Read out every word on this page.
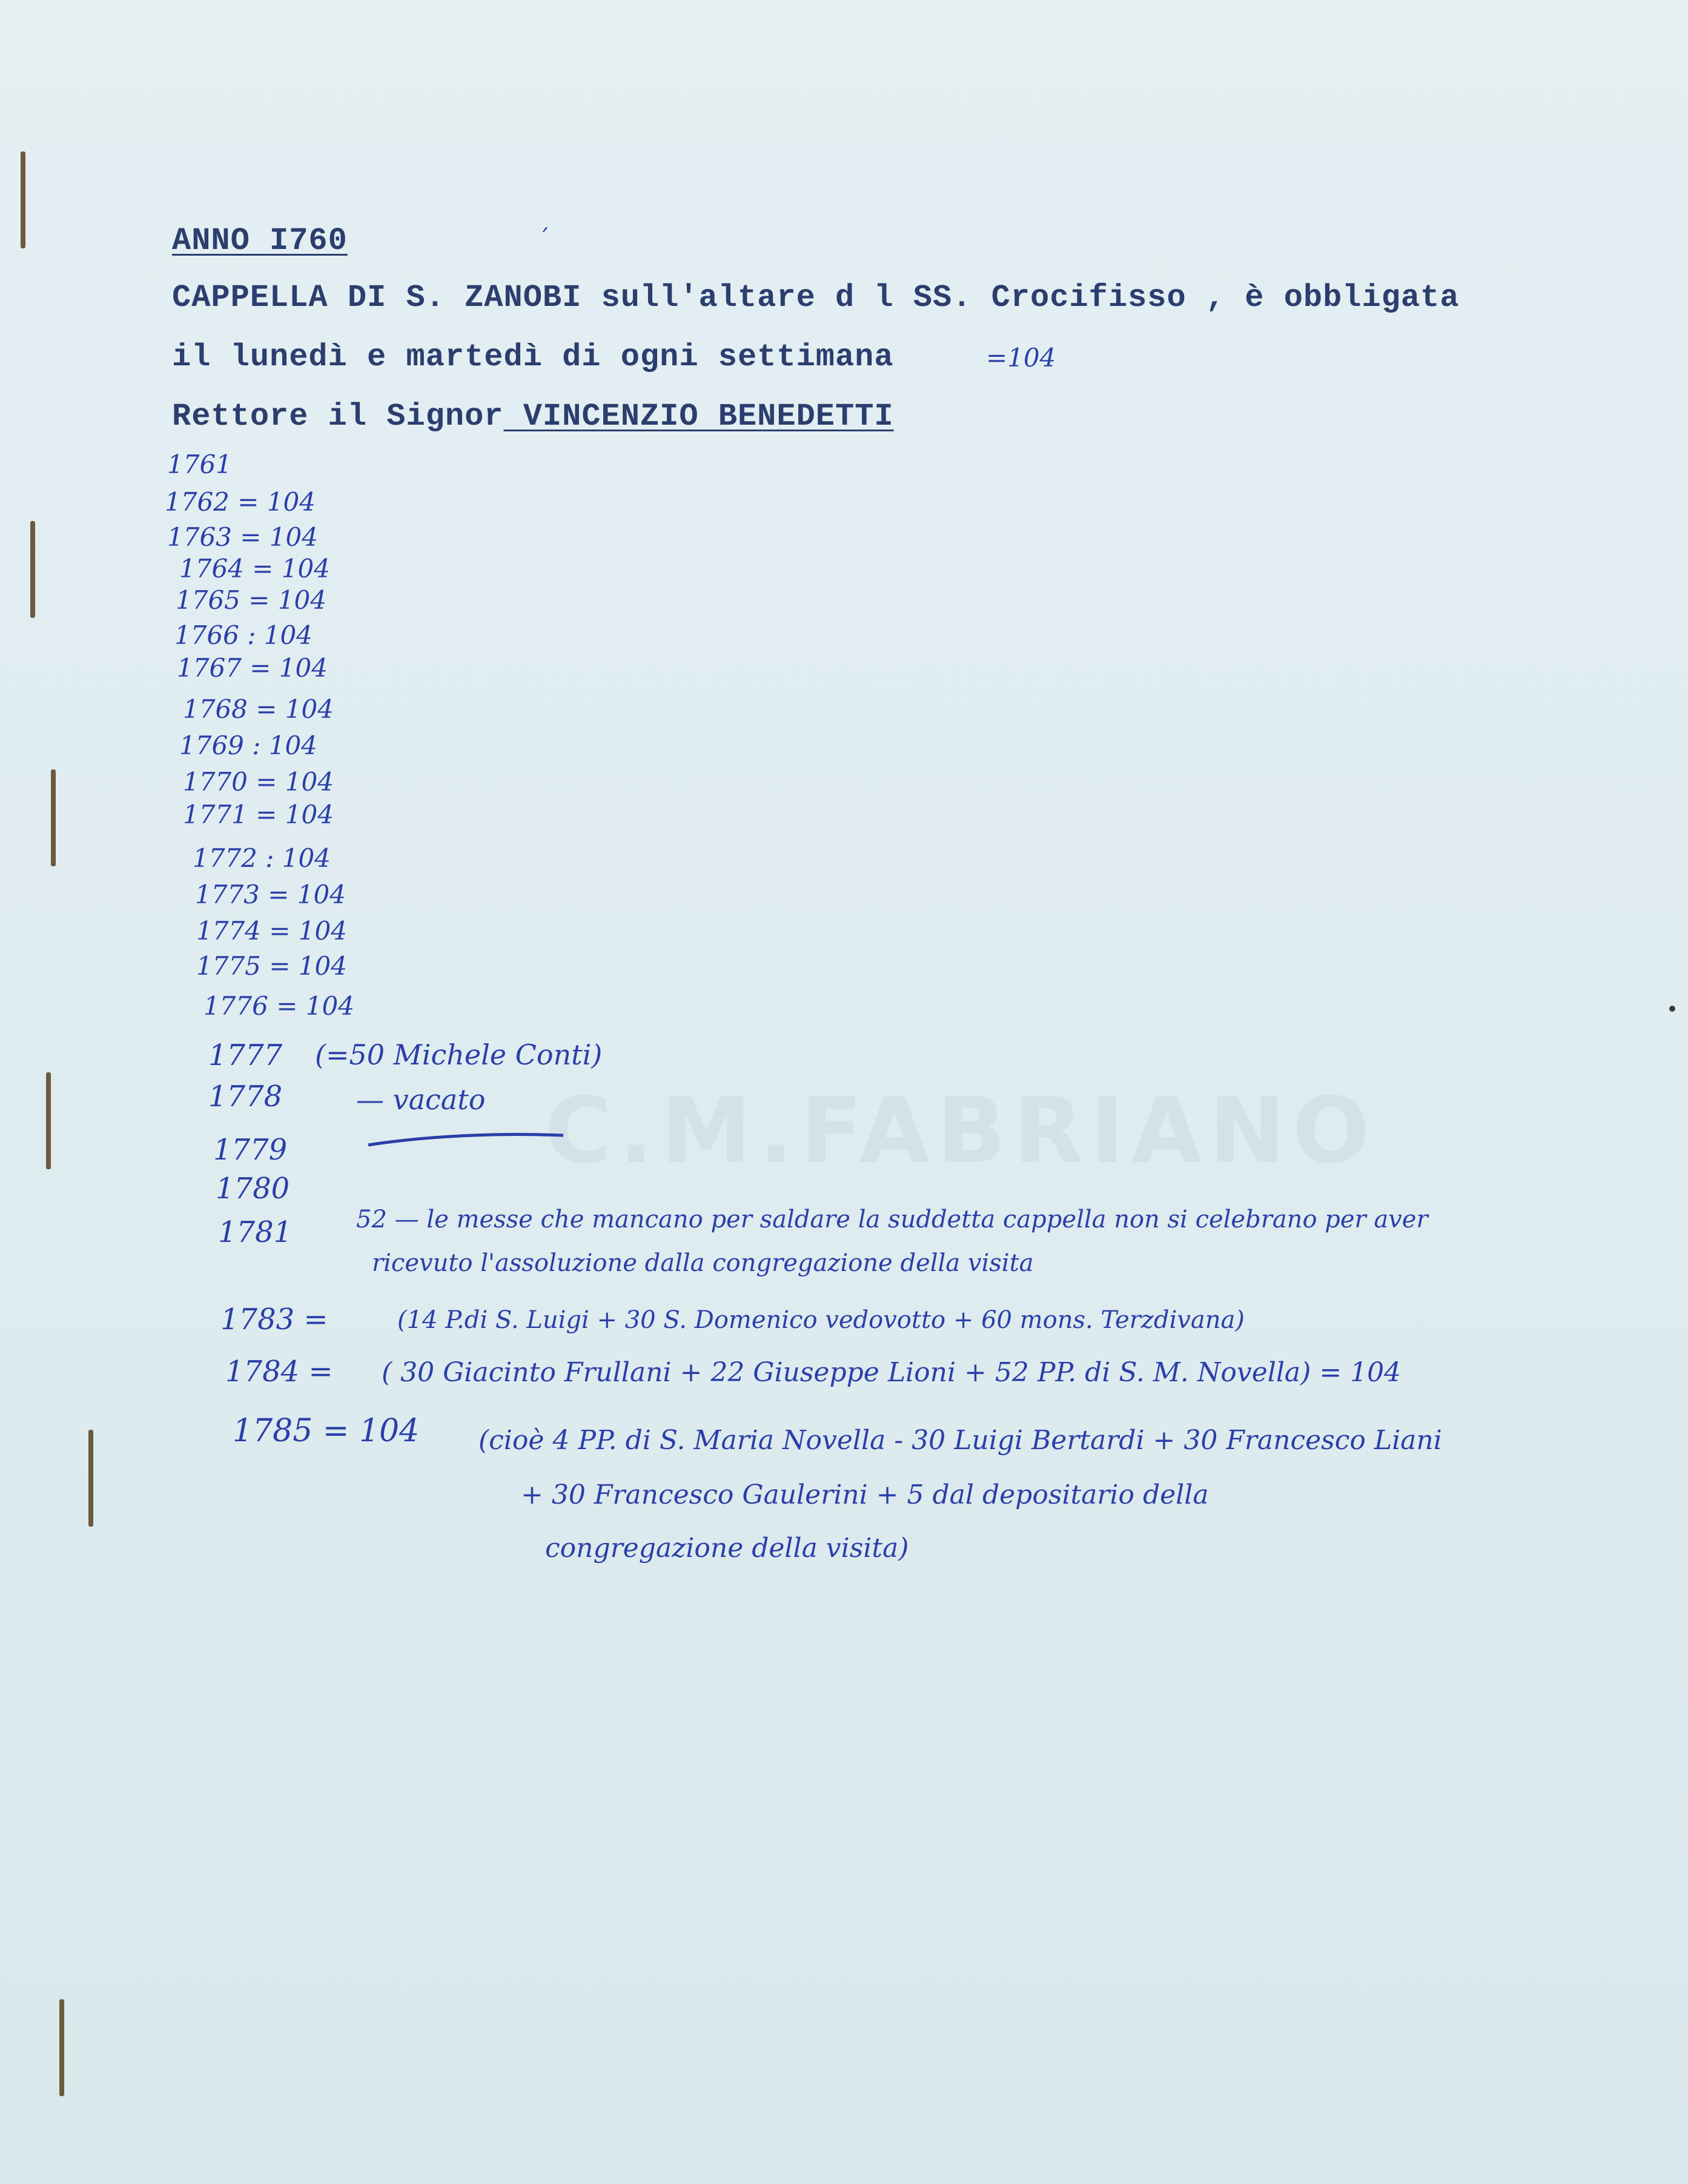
C.M.FABRIANO
ANNO I760
CAPPELLA DI S. ZANOBI sull'altare d l SS. Crocifisso , è obbligata
il lunedì e martedì di ogni settimana	=104
Rettore il Signor VINCENZIO BENEDETTI
ˊ
1761
1762 = 104
1763 = 104
1764 = 104
1765 = 104
1766 : 104
1767 = 104
1768 = 104
1769 : 104
1770 = 104
1771 = 104
1772 : 104
1773 = 104
1774 = 104
1775 = 104
1776 = 104
1777
1778
1779
1780
1781
(=50 Michele Conti)
— vacato
52 — le messe che mancano per saldare la suddetta cappella non si celebrano per aver
ricevuto l'assoluzione dalla congregazione della visita
1783 =	(14 P.di S. Luigi + 30 S. Domenico vedovotto + 60 mons. Terzdivana)
1784 = ( 30 Giacinto Frullani + 22 Giuseppe Lioni + 52 PP. di S. M. Novella) = 104
1785 = 104 (cioè 4 PP. di S. Maria Novella - 30 Luigi Bertardi + 30 Francesco Liani
+ 30 Francesco Gaulerini + 5 dal depositario della
congregazione della visita)
